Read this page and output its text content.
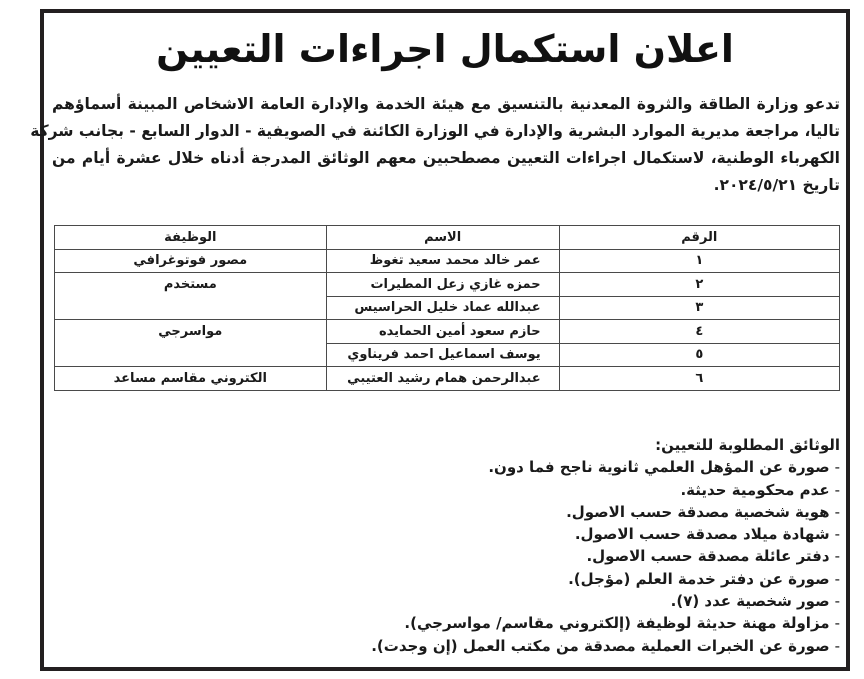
اعلان استكمال اجراءات التعيين
تدعو وزارة الطاقة والثروة المعدنية بالتنسيق مع هيئة الخدمة والإدارة العامة الاشخاص المبينة أسماؤهم
تاليا، مراجعة مديرية الموارد البشرية والإدارة في الوزارة الكائنة في الصويفية - الدوار السابع - بجانب شركة
الكهرباء الوطنية، لاستكمال اجراءات التعيين مصطحبين معهم الوثائق المدرجة أدناه خلال عشرة أيام من
تاريخ ٢٠٢٤/٥/٢١.
الرقم	الاسم	الوظيفة
١	عمر خالد محمد سعيد تغوظ	مصور فوتوغرافي
٢	حمزه غازي زعل المطيرات	مستخدم
٣	عبدالله عماد خليل الحراسيس	
٤	حازم سعود أمين الحمايده	مواسرجي
٥	يوسف اسماعيل احمد فريناوي	
٦	عبدالرحمن همام رشيد العتيبي	الكتروني مقاسم مساعد
الوثائق المطلوبة للتعيين:
-صورة عن المؤهل العلمي ثانوية ناجح فما دون.
-عدم محكومية حديثة.
-هوية شخصية مصدقة حسب الاصول.
-شهادة ميلاد مصدقة حسب الاصول.
-دفتر عائلة مصدقة حسب الاصول.
-صورة عن دفتر خدمة العلم (مؤجل).
-صور شخصية عدد (٧).
-مزاولة مهنة حديثة لوظيفة (إلكتروني مقاسم/ مواسرجي).
-صورة عن الخبرات العملية مصدقة من مكتب العمل (إن وجدت).
